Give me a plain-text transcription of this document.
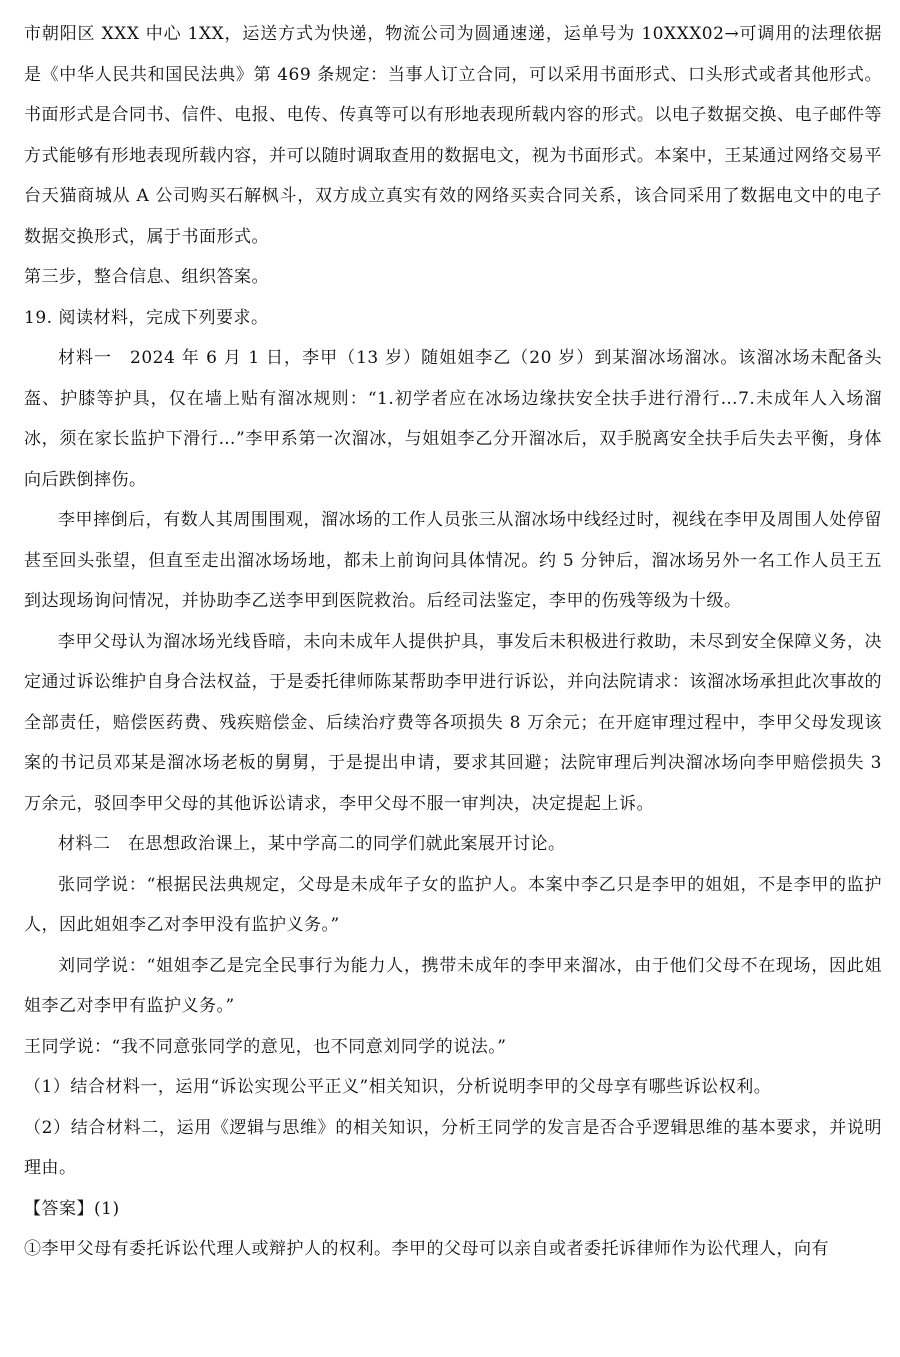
市朝阳区 XXX 中心 1XX，运送方式为快递，物流公司为圆通速递，运单号为 10XXX02→可调用的法理依据是《中华人民共和国民法典》第 469 条规定：当事人订立合同，可以采用书面形式、口头形式或者其他形式。书面形式是合同书、信件、电报、电传、传真等可以有形地表现所载内容的形式。以电子数据交换、电子邮件等方式能够有形地表现所载内容，并可以随时调取查用的数据电文，视为书面形式。本案中，王某通过网络交易平台天猫商城从 A 公司购买石解枫斗，双方成立真实有效的网络买卖合同关系，该合同采用了数据电文中的电子数据交换形式，属于书面形式。

第三步，整合信息、组织答案。

19. 阅读材料，完成下列要求。

材料一　2024 年 6 月 1 日，李甲（13 岁）随姐姐李乙（20 岁）到某溜冰场溜冰。该溜冰场未配备头盔、护膝等护具，仅在墙上贴有溜冰规则：“1.初学者应在冰场边缘扶安全扶手进行滑行…7.未成年人入场溜冰，须在家长监护下滑行…”李甲系第一次溜冰，与姐姐李乙分开溜冰后，双手脱离安全扶手后失去平衡，身体向后跌倒摔伤。

李甲摔倒后，有数人其周围围观，溜冰场的工作人员张三从溜冰场中线经过时，视线在李甲及周围人处停留甚至回头张望，但直至走出溜冰场场地，都未上前询问具体情况。约 5 分钟后，溜冰场另外一名工作人员王五到达现场询问情况，并协助李乙送李甲到医院救治。后经司法鉴定，李甲的伤残等级为十级。

李甲父母认为溜冰场光线昏暗，未向未成年人提供护具，事发后未积极进行救助，未尽到安全保障义务，决定通过诉讼维护自身合法权益，于是委托律师陈某帮助李甲进行诉讼，并向法院请求：该溜冰场承担此次事故的全部责任，赔偿医药费、残疾赔偿金、后续治疗费等各项损失 8 万余元；在开庭审理过程中，李甲父母发现该案的书记员邓某是溜冰场老板的舅舅，于是提出申请，要求其回避；法院审理后判决溜冰场向李甲赔偿损失 3 万余元，驳回李甲父母的其他诉讼请求，李甲父母不服一审判决，决定提起上诉。

材料二　在思想政治课上，某中学高二的同学们就此案展开讨论。

张同学说：“根据民法典规定，父母是未成年子女的监护人。本案中李乙只是李甲的姐姐，不是李甲的监护人，因此姐姐李乙对李甲没有监护义务。”

刘同学说：“姐姐李乙是完全民事行为能力人，携带未成年的李甲来溜冰，由于他们父母不在现场，因此姐姐李乙对李甲有监护义务。”

王同学说：“我不同意张同学的意见，也不同意刘同学的说法。”

（1）结合材料一，运用“诉讼实现公平正义”相关知识，分析说明李甲的父母享有哪些诉讼权利。

（2）结合材料二，运用《逻辑与思维》的相关知识，分析王同学的发言是否合乎逻辑思维的基本要求，并说明理由。

【答案】(1)

①李甲父母有委托诉讼代理人或辩护人的权利。李甲的父母可以亲自或者委托诉律师作为讼代理人，向有
